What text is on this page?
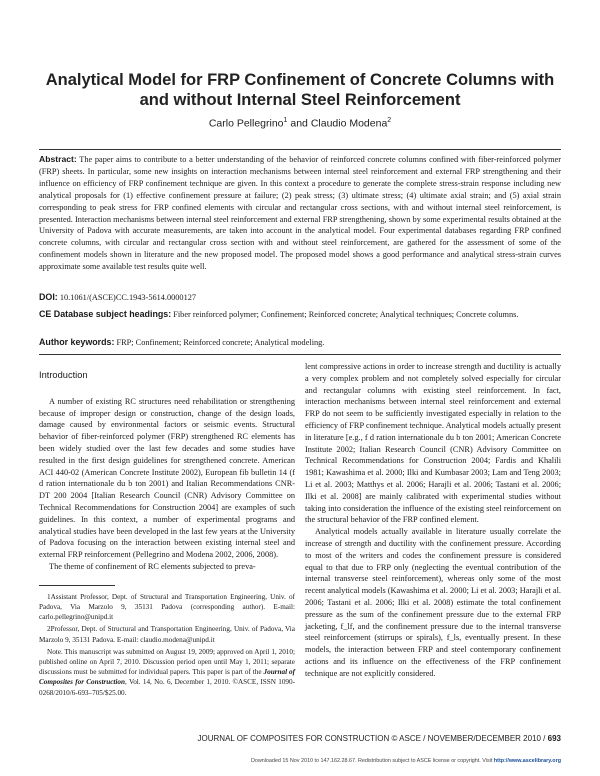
Analytical Model for FRP Confinement of Concrete Columns with and without Internal Steel Reinforcement
Carlo Pellegrino$^1$ and Claudio Modena$^2$
Abstract: The paper aims to contribute to a better understanding of the behavior of reinforced concrete columns confined with fiber-reinforced polymer (FRP) sheets. In particular, some new insights on interaction mechanisms between internal steel reinforcement and external FRP strengthening and their influence on efficiency of FRP confinement technique are given. In this context a procedure to generate the complete stress-strain response including new analytical proposals for (1) effective confinement pressure at failure; (2) peak stress; (3) ultimate stress; (4) ultimate axial strain; and (5) axial strain corresponding to peak stress for FRP confined elements with circular and rectangular cross sections, with and without internal steel reinforcement, is presented. Interaction mechanisms between internal steel reinforcement and external FRP strengthening, shown by some experimental results obtained at the University of Padova with accurate measurements, are taken into account in the analytical model. Four experimental databases regarding FRP confined concrete columns, with circular and rectangular cross section with and without steel reinforcement, are gathered for the assessment of some of the confinement models shown in literature and the new proposed model. The proposed model shows a good performance and analytical stress-strain curves approximate some available test results quite well.
DOI: 10.1061/(ASCE)CC.1943-5614.0000127
CE Database subject headings: Fiber reinforced polymer; Confinement; Reinforced concrete; Analytical techniques; Concrete columns.
Author keywords: FRP; Confinement; Reinforced concrete; Analytical modeling.
Introduction

A number of existing RC structures need rehabilitation or strengthening because of improper design or construction, change of the design loads, damage caused by environmental factors or seismic events. Structural behavior of fiber-reinforced polymer (FRP) strengthened RC elements has been widely studied over the last few decades and some studies have resulted in the first design guidelines for strengthened concrete. American ACI 440-02 (American Concrete Institute 2002), European fib bulletin 14 (f d ration internationale du b ton 2001) and Italian Recommendations CNR-DT 200 2004 [Italian Research Council (CNR) Advisory Committee on Technical Recommendations for Construction 2004] are examples of such guidelines. In this context, a number of experimental programs and analytical studies have been developed in the last few years at the University of Padova focusing on the interaction between existing internal steel and external FRP reinforcement (Pellegrino and Modena 2002, 2006, 2008).

The theme of confinement of RC elements subjected to preva-

1Assistant Professor, Dept. of Structural and Transportation Engineering, Univ. of Padova, Via Marzolo 9, 35131 Padova (corresponding author). E-mail: carlo.pellegrino@unipd.it

2Professor, Dept. of Structural and Transportation Engineering, Univ. of Padova, Via Marzolo 9, 35131 Padova. E-mail: claudio.modena@unipd.it

Note. This manuscript was submitted on August 19, 2009; approved on April 1, 2010; published online on April 7, 2010. Discussion period open until May 1, 2011; separate discussions must be submitted for individual papers. This paper is part of the Journal of Composites for Construction, Vol. 14, No. 6, December 1, 2010. ©ASCE, ISSN 1090-0268/2010/6-693–705/$25.00.

lent compressive actions in order to increase strength and ductility is actually a very complex problem and not completely solved especially for circular and rectangular columns with existing steel reinforcement. In fact, interaction mechanisms between internal steel reinforcement and external FRP do not seem to be sufficiently investigated especially in relation to the efficiency of FRP confinement technique. Analytical models actually present in literature [e.g., f d ration internationale du b ton 2001; American Concrete Institute 2002; Italian Research Council (CNR) Advisory Committee on Technical Recommendations for Construction 2004; Fardis and Khalili 1981; Kawashima et al. 2000; Ilki and Kumbasar 2003; Lam and Teng 2003; Li et al. 2003; Matthys et al. 2006; Harajli et al. 2006; Tastani et al. 2006; Ilki et al. 2008] are mainly calibrated with experimental studies without taking into consideration the influence of the existing steel reinforcement on the structural behavior of the FRP confined element.

Analytical models actually available in literature usually correlate the increase of strength and ductility with the confinement pressure. According to most of the writers and codes the confinement pressure is considered equal to that due to FRP only (neglecting the eventual contribution of the internal transverse steel reinforcement), whereas only some of the most recent analytical models (Kawashima et al. 2000; Li et al. 2003; Harajli et al. 2006; Tastani et al. 2006; Ilki et al. 2008) estimate the total confinement pressure as the sum of the confinement pressure due to the external FRP jacketing, f_lf, and the confinement pressure due to the internal transverse steel reinforcement (stirrups or spirals), f_ls, eventually present. In these models, the interaction between FRP and steel contemporary confinement actions and its influence on the effectiveness of the FRP confinement technique are not explicitly considered.

JOURNAL OF COMPOSITES FOR CONSTRUCTION © ASCE / NOVEMBER/DECEMBER 2010 / 693
Downloaded 15 Nov 2010 to 147.162.28.67. Redistribution subject to ASCE license or copyright. Visit http://www.ascelibrary.org
